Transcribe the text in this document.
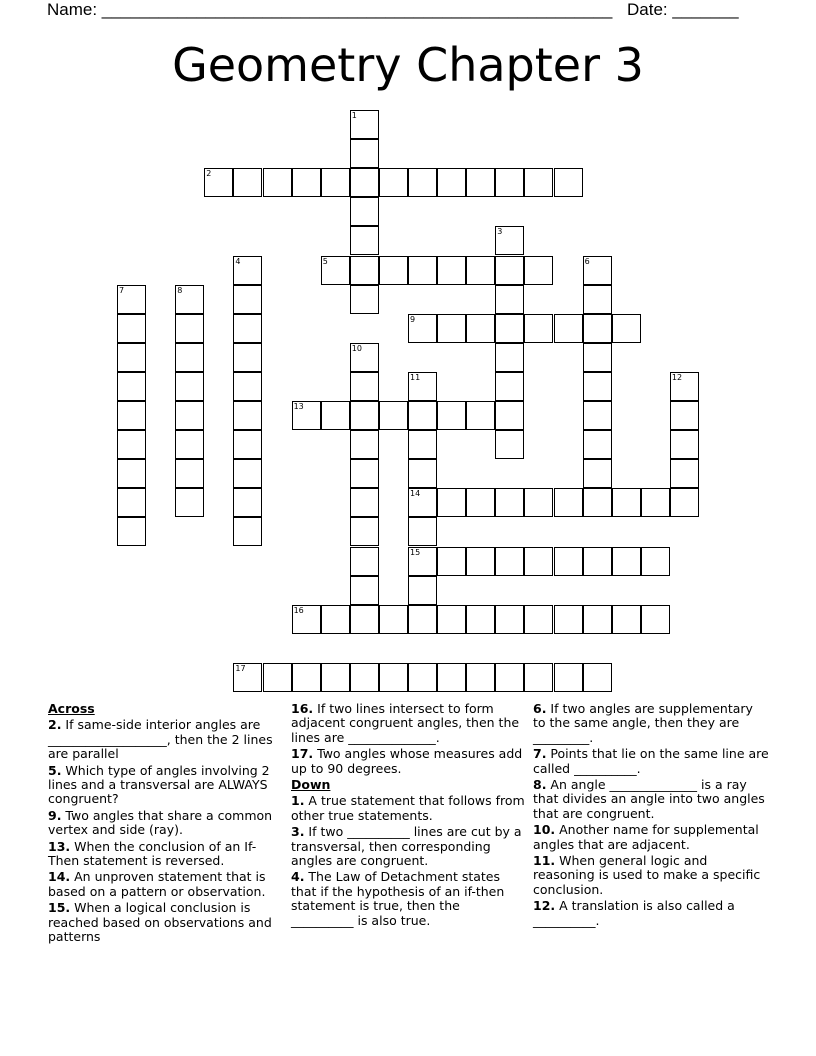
Name: ______________________________________________________ Date: _______
Geometry Chapter 3
1
2
3
4	5	6
7	8
9
10
11
14
15
12
13
16
17
Across
2. If same-side interior angles are ___________________, then the 2 lines are parallel
5. Which type of angles involving 2 lines and a transversal are ALWAYS congruent?
9. Two angles that share a common vertex and side (ray).
13. When the conclusion of an If-Then statement is reversed.
14. An unproven statement that is based on a pattern or observation.
15. When a logical conclusion is reached based on observations and patterns
16. If two lines intersect to form adjacent congruent angles, then the lines are ______________.
17. Two angles whose measures add up to 90 degrees.
Down
1. A true statement that follows from other true statements.
3. If two __________ lines are cut by a transversal, then corresponding angles are congruent.
4. The Law of Detachment states that if the hypothesis of an if-then statement is true, then the __________ is also true.
6. If two angles are supplementary to the same angle, then they are _________.
7. Points that lie on the same line are called __________.
8. An angle ______________ is a ray that divides an angle into two angles that are congruent.
10. Another name for supplemental angles that are adjacent.
11. When general logic and reasoning is used to make a specific conclusion.
12. A translation is also called a __________.
